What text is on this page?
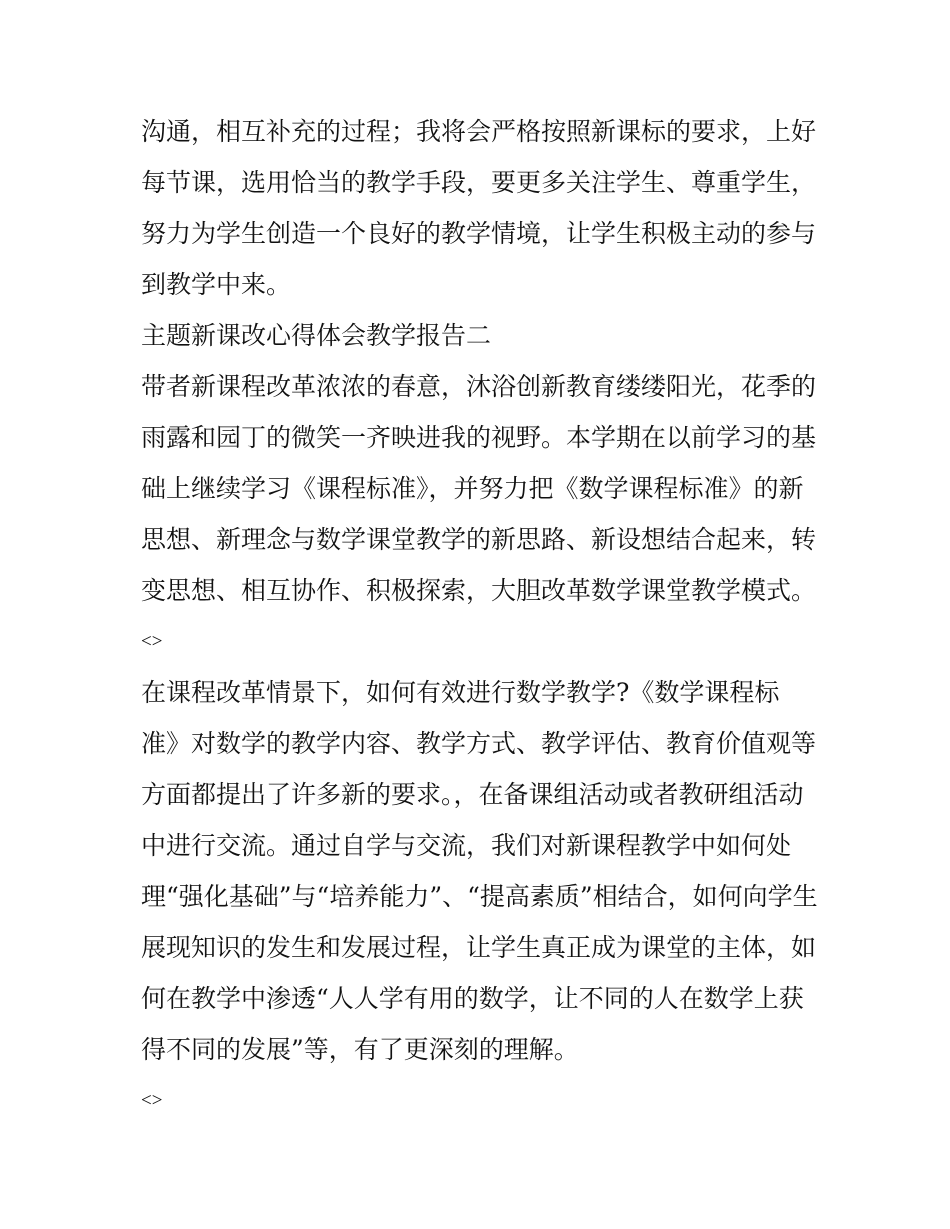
沟通，相互补充的过程；我将会严格按照新课标的要求，上好
每节课，选用恰当的教学手段，要更多关注学生、尊重学生，
努力为学生创造一个良好的教学情境，让学生积极主动的参与
到教学中来。
主题新课改心得体会教学报告二
带者新课程改革浓浓的春意，沐浴创新教育缕缕阳光，花季的
雨露和园丁的微笑一齐映进我的视野。本学期在以前学习的基
础上继续学习《课程标准》，并努力把《数学课程标准》的新
思想、新理念与数学课堂教学的新思路、新设想结合起来，转
变思想、相互协作、积极探索，大胆改革数学课堂教学模式。
<>
在课程改革情景下，如何有效进行数学教学?《数学课程标
准》对数学的教学内容、教学方式、教学评估、教育价值观等
方面都提出了许多新的要求。，在备课组活动或者教研组活动
中进行交流。通过自学与交流，我们对新课程教学中如何处
理“强化基础”与“培养能力”、“提高素质”相结合，如何向学生
展现知识的发生和发展过程，让学生真正成为课堂的主体，如
何在教学中渗透“人人学有用的数学，让不同的人在数学上获
得不同的发展”等，有了更深刻的理解。
<>
